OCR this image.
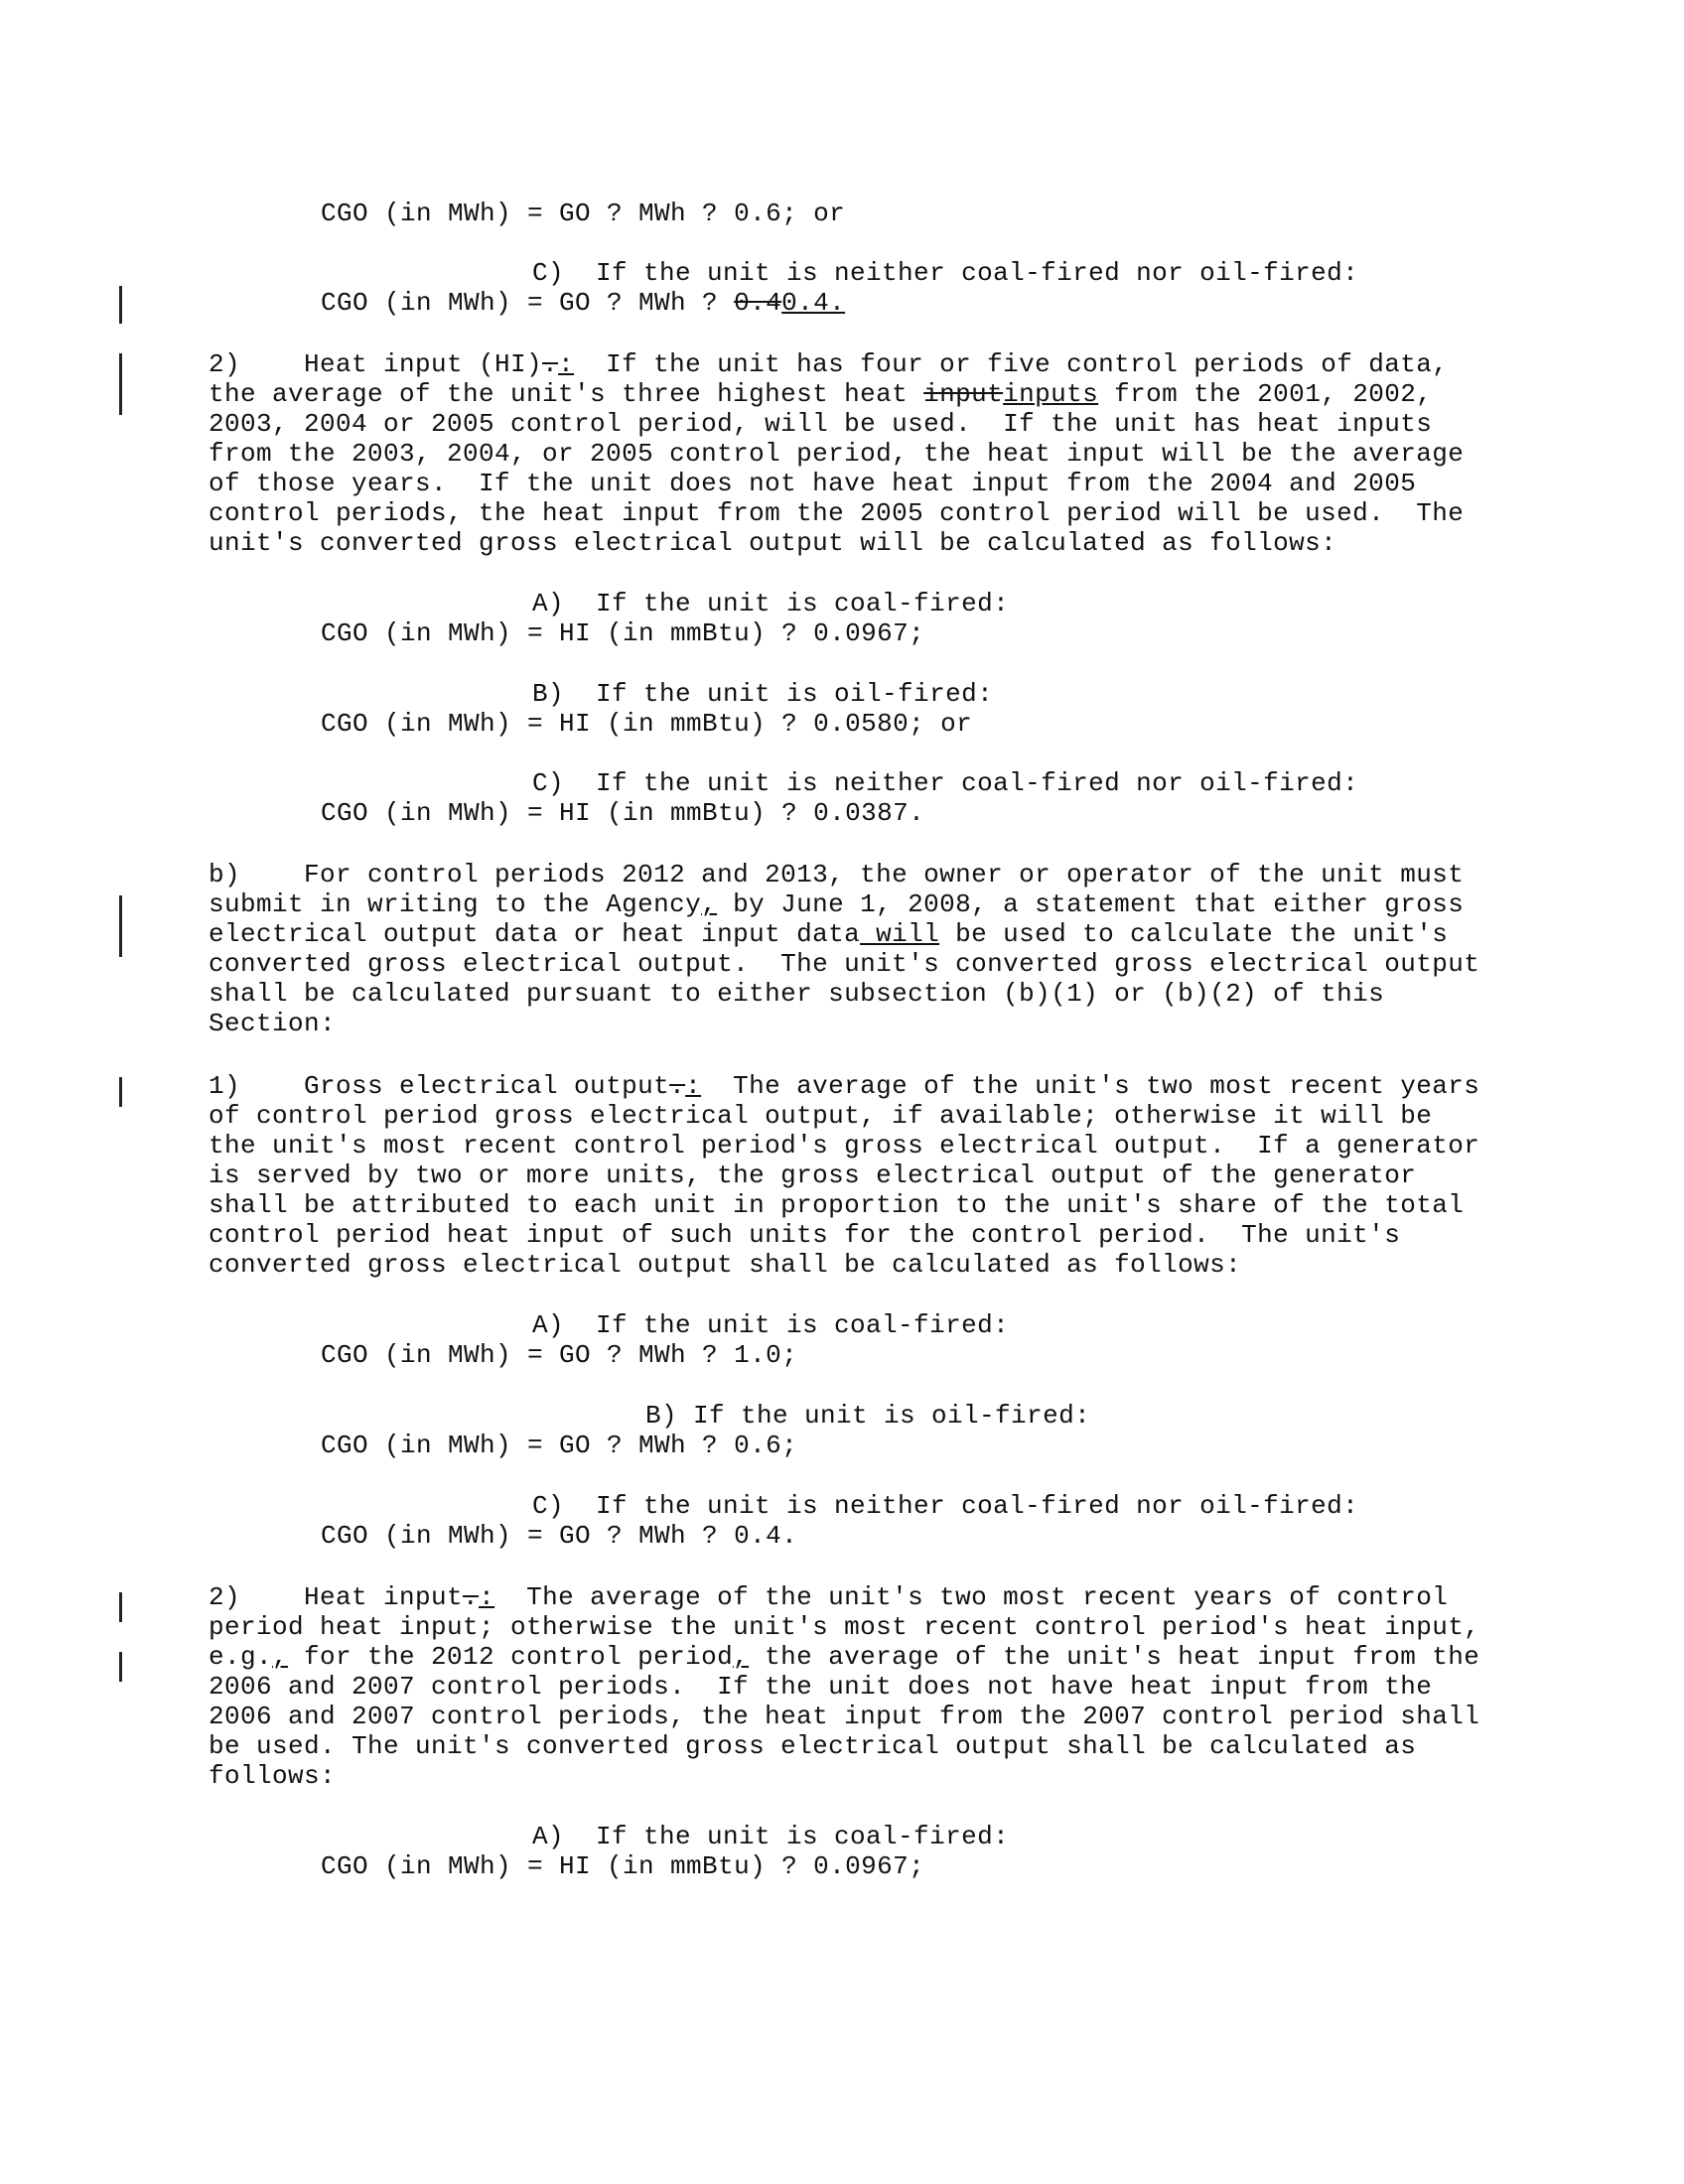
CGO (in MWh) = GO ? MWh ? 0.6; or
C)  If the unit is neither coal-fired nor oil-fired:
CGO (in MWh) = GO ? MWh ? 0.40.4.
2)    Heat input (HI).:  If the unit has four or five control periods of data,
the average of the unit's three highest heat inputinputs from the 2001, 2002,
2003, 2004 or 2005 control period, will be used.  If the unit has heat inputs
from the 2003, 2004, or 2005 control period, the heat input will be the average
of those years.  If the unit does not have heat input from the 2004 and 2005
control periods, the heat input from the 2005 control period will be used.  The
unit's converted gross electrical output will be calculated as follows:
A)  If the unit is coal-fired:
CGO (in MWh) = HI (in mmBtu) ? 0.0967;
B)  If the unit is oil-fired:
CGO (in MWh) = HI (in mmBtu) ? 0.0580; or
C)  If the unit is neither coal-fired nor oil-fired:
CGO (in MWh) = HI (in mmBtu) ? 0.0387.
b)    For control periods 2012 and 2013, the owner or operator of the unit must
submit in writing to the Agency, by June 1, 2008, a statement that either gross
electrical output data or heat input data will be used to calculate the unit's
converted gross electrical output.  The unit's converted gross electrical output
shall be calculated pursuant to either subsection (b)(1) or (b)(2) of this
Section:
1)    Gross electrical output.:  The average of the unit's two most recent years
of control period gross electrical output, if available; otherwise it will be
the unit's most recent control period's gross electrical output.  If a generator
is served by two or more units, the gross electrical output of the generator
shall be attributed to each unit in proportion to the unit's share of the total
control period heat input of such units for the control period.  The unit's
converted gross electrical output shall be calculated as follows:
A)  If the unit is coal-fired:
CGO (in MWh) = GO ? MWh ? 1.0;
B) If the unit is oil-fired:
CGO (in MWh) = GO ? MWh ? 0.6;
C)  If the unit is neither coal-fired nor oil-fired:
CGO (in MWh) = GO ? MWh ? 0.4.
2)    Heat input.:  The average of the unit's two most recent years of control
period heat input; otherwise the unit's most recent control period's heat input,
e.g., for the 2012 control period, the average of the unit's heat input from the
2006 and 2007 control periods.  If the unit does not have heat input from the
2006 and 2007 control periods, the heat input from the 2007 control period shall
be used. The unit's converted gross electrical output shall be calculated as
follows:
A)  If the unit is coal-fired:
CGO (in MWh) = HI (in mmBtu) ? 0.0967;
